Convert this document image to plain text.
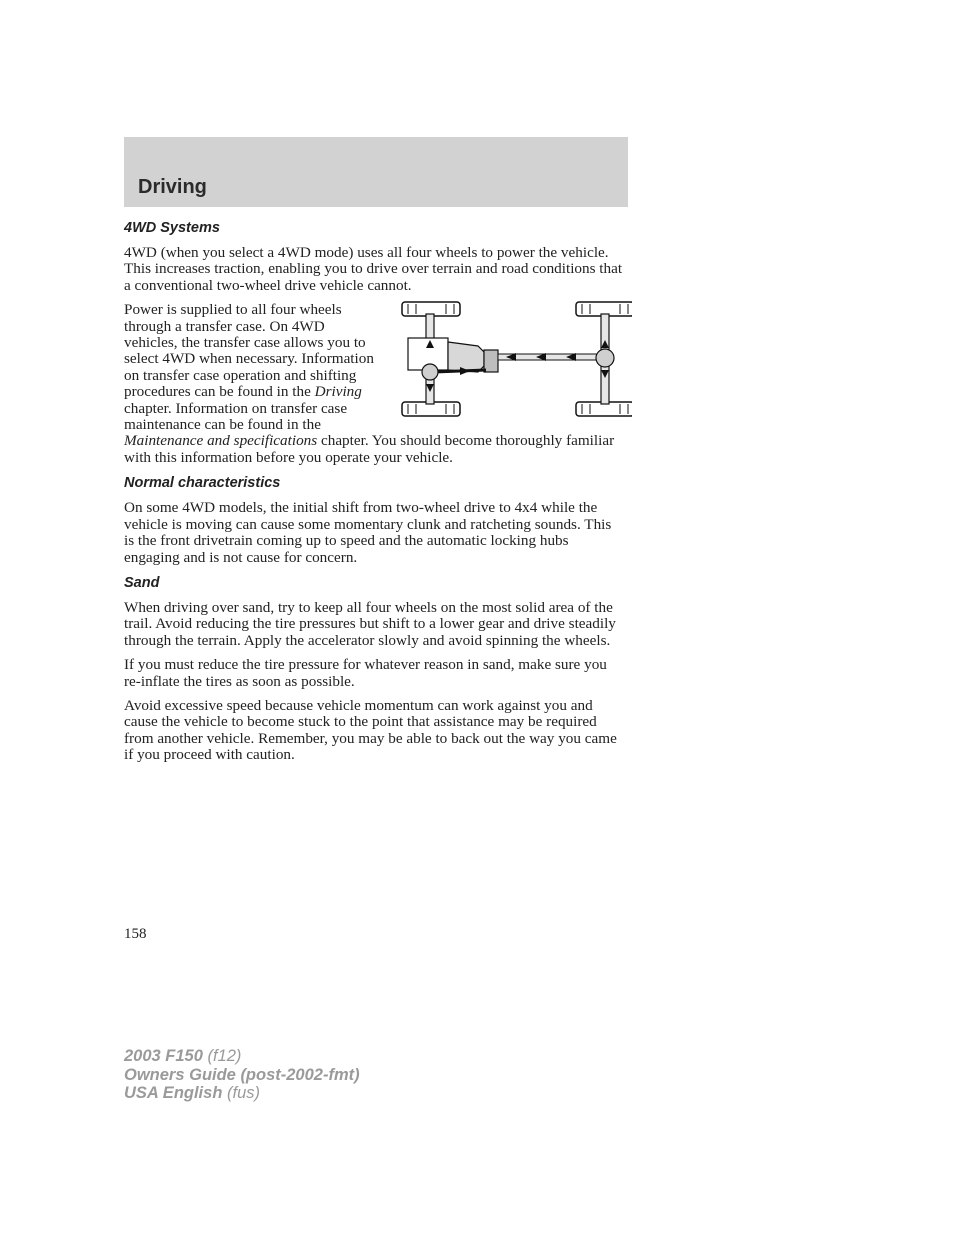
Driving
4WD Systems

4WD (when you select a 4WD mode) uses all four wheels to power the vehicle. This increases traction, enabling you to drive over terrain and road conditions that a conventional two-wheel drive vehicle cannot.

Power is supplied to all four wheels through a transfer case. On 4WD vehicles, the transfer case allows you to select 4WD when necessary. Information on transfer case operation and shifting procedures can be found in the Driving chapter. Information on transfer case maintenance can be found in the Maintenance and specifications chapter. You should become thoroughly familiar with this information before you operate your vehicle.

Normal characteristics

On some 4WD models, the initial shift from two-wheel drive to 4x4 while the vehicle is moving can cause some momentary clunk and ratcheting sounds. This is the front drivetrain coming up to speed and the automatic locking hubs engaging and is not cause for concern.

Sand

When driving over sand, try to keep all four wheels on the most solid area of the trail. Avoid reducing the tire pressures but shift to a lower gear and drive steadily through the terrain. Apply the accelerator slowly and avoid spinning the wheels.

If you must reduce the tire pressure for whatever reason in sand, make sure you re-inflate the tires as soon as possible.

Avoid excessive speed because vehicle momentum can work against you and cause the vehicle to become stuck to the point that assistance may be required from another vehicle. Remember, you may be able to back out the way you came if you proceed with caution.

158
2003 F150 (f12)
Owners Guide (post-2002-fmt)
USA English (fus)
